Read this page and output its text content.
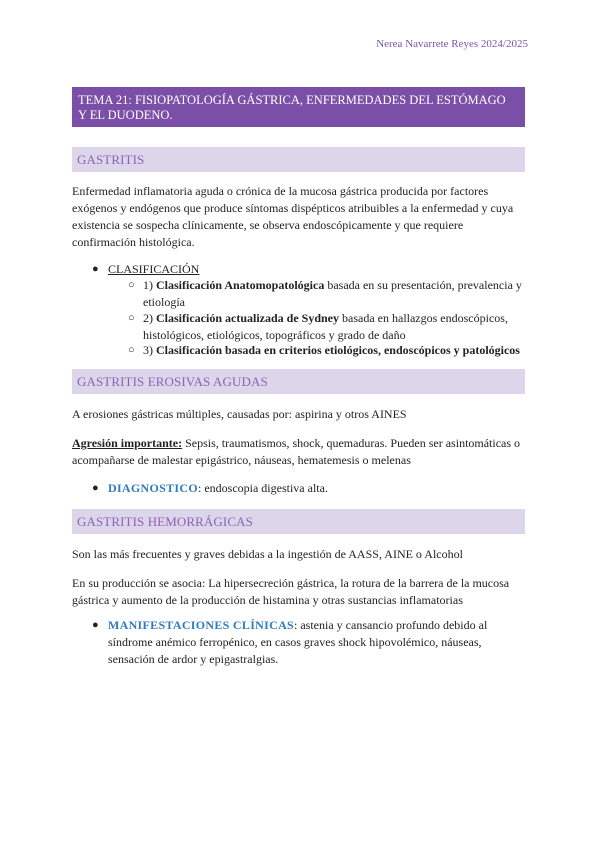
Nerea Navarrete Reyes 2024/2025
TEMA 21: FISIOPATOLOGÍA GÁSTRICA, ENFERMEDADES DEL ESTÓMAGO Y EL DUODENO.
GASTRITIS
Enfermedad inflamatoria aguda o crónica de la mucosa gástrica producida por factores exógenos y endógenos que produce síntomas dispépticos atribuibles a la enfermedad y cuya existencia se sospecha clínicamente, se observa endoscópicamente y que requiere confirmación histológica.
● CLASIFICACIÓN
○ 1) Clasificación Anatomopatológica basada en su presentación, prevalencia y etiología
○ 2) Clasificación actualizada de Sydney basada en hallazgos endoscópicos, histológicos, etiológicos, topográficos y grado de daño
○ 3) Clasificación basada en criterios etiológicos, endoscópicos y patológicos
GASTRITIS EROSIVAS AGUDAS
A erosiones gástricas múltiples, causadas por: aspirina y otros AINES
Agresión importante: Sepsis, traumatismos, shock, quemaduras. Pueden ser asintomáticas o acompañarse de malestar epigástrico, náuseas, hematemesis o melenas
● DIAGNOSTICO: endoscopia digestiva alta.
GASTRITIS HEMORRÁGICAS
Son las más frecuentes y graves debidas a la ingestión de AASS, AINE o Alcohol
En su producción se asocia: La hipersecreción gástrica, la rotura de la barrera de la mucosa gástrica y aumento de la producción de histamina y otras sustancias inflamatorias
● MANIFESTACIONES CLÍNICAS: astenia y cansancio profundo debido al síndrome anémico ferropénico, en casos graves shock hipovolémico, náuseas, sensación de ardor y epigastralgias.
